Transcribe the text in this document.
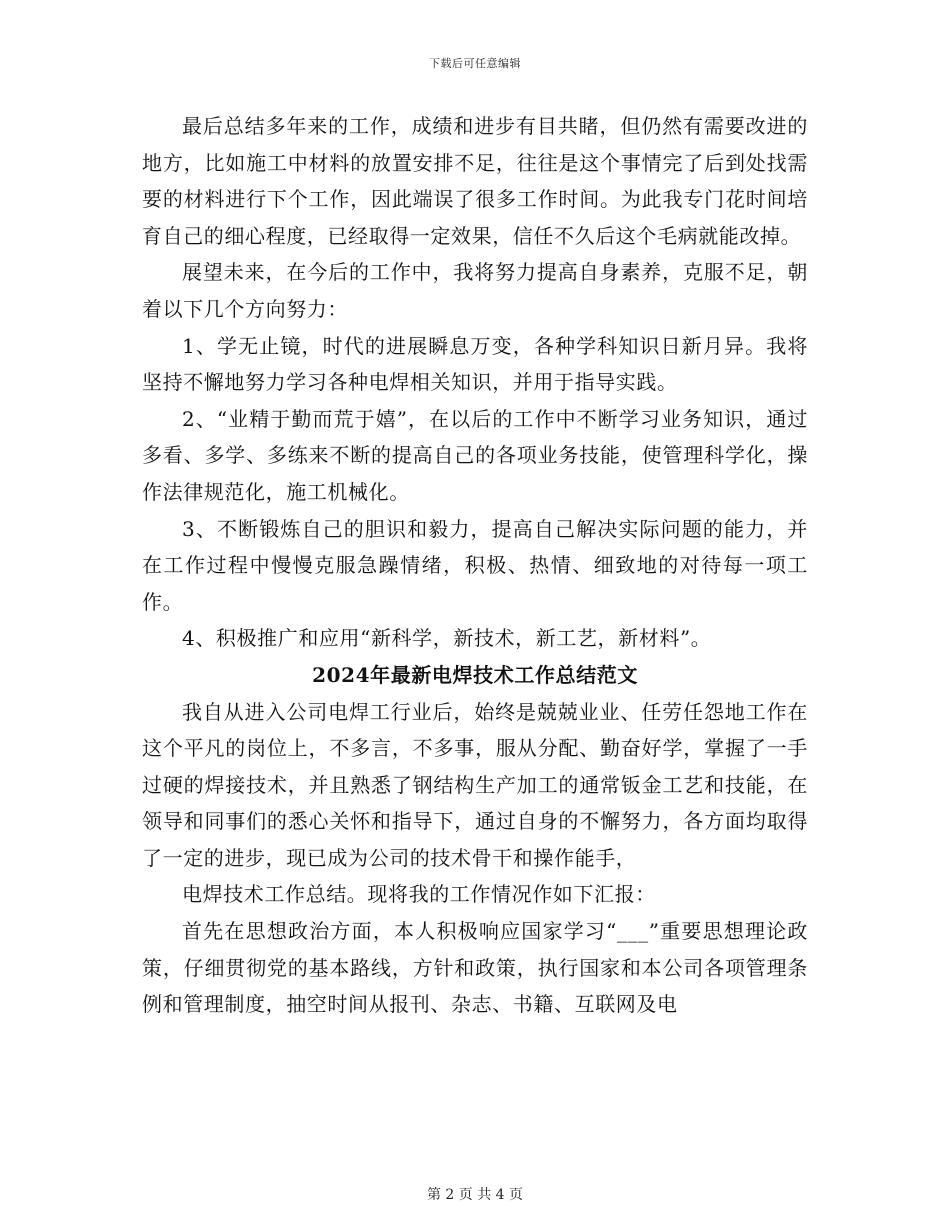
下载后可任意编辑

最后总结多年来的工作，成绩和进步有目共睹，但仍然有需要改进的地方，比如施工中材料的放置安排不足，往往是这个事情完了后到处找需要的材料进行下个工作，因此端误了很多工作时间。为此我专门花时间培育自己的细心程度，已经取得一定效果，信任不久后这个毛病就能改掉。

展望未来，在今后的工作中，我将努力提高自身素养，克服不足，朝着以下几个方向努力：

1、学无止镜，时代的进展瞬息万变，各种学科知识日新月异。我将坚持不懈地努力学习各种电焊相关知识，并用于指导实践。

2、“业精于勤而荒于嬉”，在以后的工作中不断学习业务知识，通过多看、多学、多练来不断的提高自己的各项业务技能，使管理科学化，操作法律规范化，施工机械化。

3、不断锻炼自己的胆识和毅力，提高自己解决实际问题的能力，并在工作过程中慢慢克服急躁情绪，积极、热情、细致地的对待每一项工作。

4、积极推广和应用“新科学，新技术，新工艺，新材料”。

2024年最新电焊技术工作总结范文

我自从进入公司电焊工行业后，始终是兢兢业业、任劳任怨地工作在这个平凡的岗位上，不多言，不多事，服从分配、勤奋好学，掌握了一手过硬的焊接技术，并且熟悉了钢结构生产加工的通常钣金工艺和技能，在领导和同事们的悉心关怀和指导下，通过自身的不懈努力，各方面均取得了一定的进步，现已成为公司的技术骨干和操作能手，

电焊技术工作总结。现将我的工作情况作如下汇报：

首先在思想政治方面，本人积极响应国家学习“___”重要思想理论政策，仔细贯彻党的基本路线，方针和政策，执行国家和本公司各项管理条例和管理制度，抽空时间从报刊、杂志、书籍、互联网及电

第 2 页 共 4 页
